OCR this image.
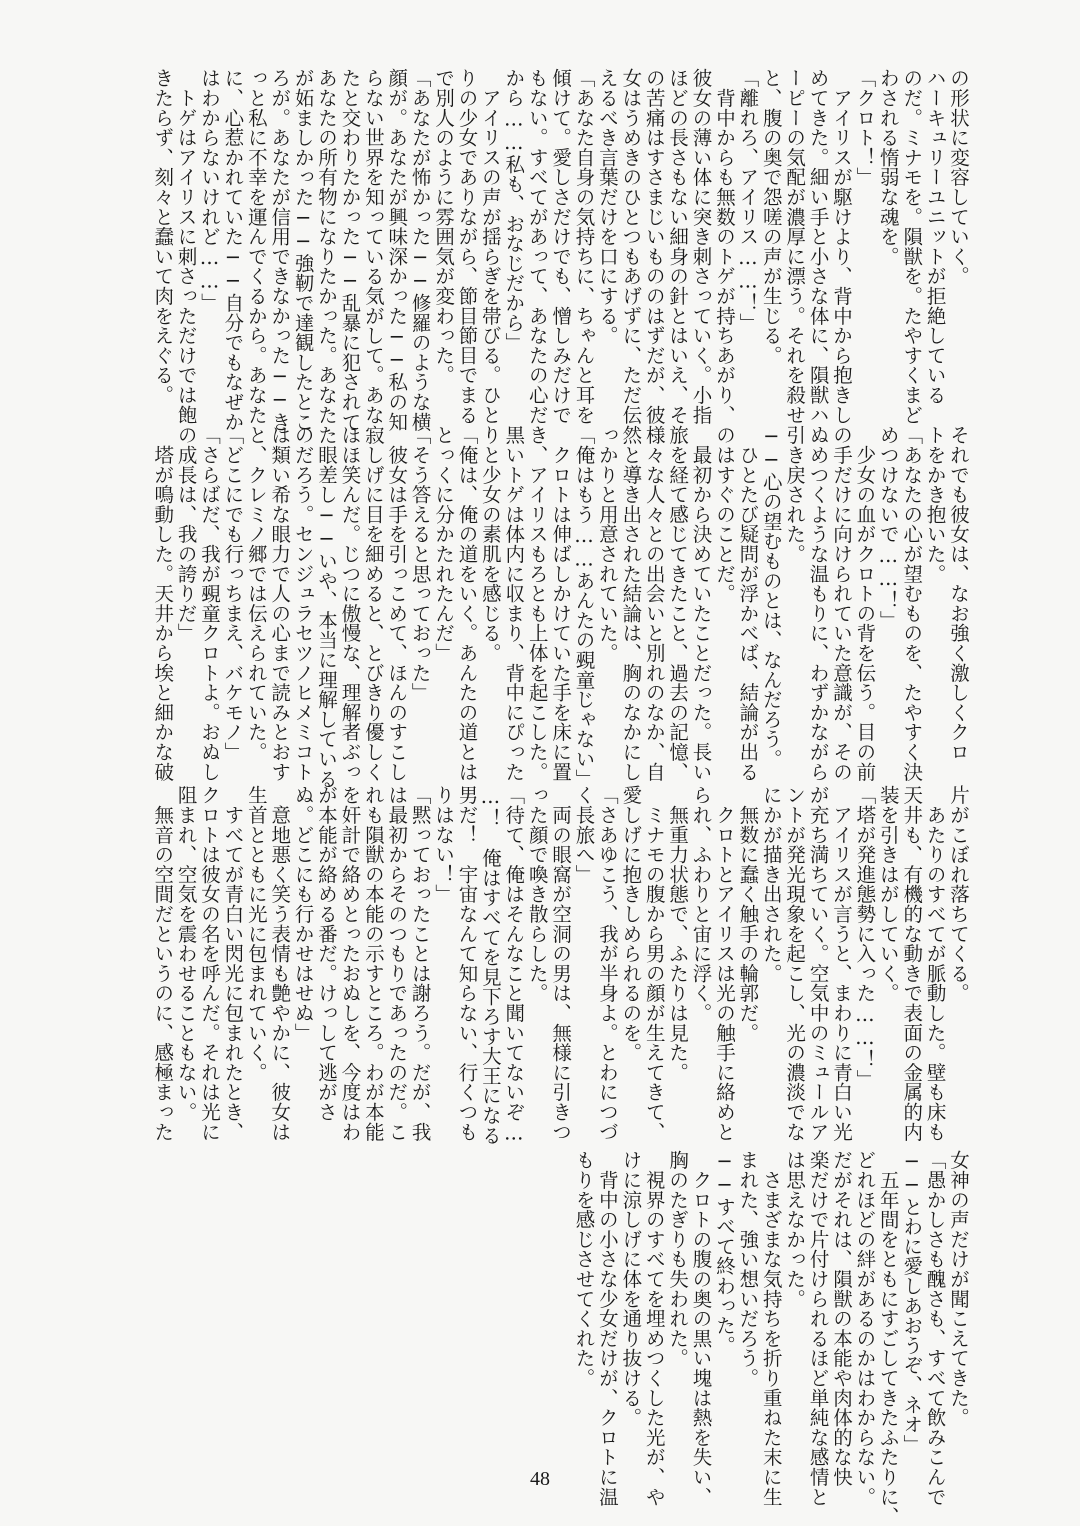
の形状に変容していく。
ハーキュリーユニットが拒絶している
のだ。ミナモを。隕獣を。たやすくまど
わされる惰弱な魂を。
「クロト！」
　アイリスが駆けより、背中から抱きし
めてきた。細い手と小さな体に、隕獣ハ
ーピーの気配が濃厚に漂う。それを殺せ
と、腹の奥で怨嗟の声が生じる。
「離れろ、アイリス……！」
　背中からも無数のトゲが持ちあがり、
彼女の薄い体に突き刺さっていく。小指
ほどの長さもない細身の針とはいえ、そ
の苦痛はすさまじいもののはずだが、彼
女はうめきのひとつもあげずに、ただ伝
えるべき言葉だけを口にする。
「あなた自身の気持ちに、ちゃんと耳を
傾けて。愛しさだけでも、憎しみだけで
もない。すべてがあって、あなたの心だ
から……私も、おなじだから」
　アイリスの声が揺らぎを帯びる。ひと
りの少女でありながら、節目節目でまる
で別人のように雰囲気が変わった。
「あなたが怖かった──修羅のような横
顔が。あなたが興味深かった──私の知
らない世界を知っている気がして。あな
たと交わりたかった──乱暴に犯されて
あなたの所有物になりたかった。あなた
が妬ましかった──強靭で達観したとこ
ろが。あなたが信用できなかった──き
っと私に不幸を運んでくるから。あなた
に、心惹かれていた──自分でもなぜか
はわからないけれど……」
　トゲはアイリスに刺さっただけでは飽
きたらず、刻々と蠢いて肉をえぐる。
それでも彼女は、なお強く激しくクロ
トをかき抱いた。
「あなたの心が望むものを、たやすく決
めつけないで……！」
　少女の血がクロトの背を伝う。目の前
の手だけに向けられていた意識が、その
ぬめつくような温もりに、わずかながら
引き戻された。
──心の望むものとは、なんだろう。
　ひとたび疑問が浮かべば、結論が出る
のはすぐのことだ。
　最初から決めていたことだった。長い
旅を経て感じてきたこと、過去の記憶、
様々な人々との出会いと別れのなか、自
然と導き出された結論は、胸のなかにし
っかりと用意されていた。
「俺はもう……あんたの覡童じゃない」
　クロトは伸ばしかけていた手を床に置
き、アイリスもろとも上体を起こした。
黒いトゲは体内に収まり、背中にぴった
りと少女の素肌を感じる。
「俺は、俺の道をいく。あんたの道とは
とっくに分かたれたんだ」
「そう答えると思っておった」
　彼女は手を引っこめて、ほんのすこし
寂しげに目を細めると、とびきり優しく
ほほ笑んだ。じつに傲慢な、理解者ぶっ
た眼差し──いや、本当に理解している
のだろう。センジュラセツノヒメミコト
は類い希な眼力で人の心まで読みとおす
と、クレミノ郷では伝えられていた。
「どこにでも行っちまえ、バケモノ」
「さらばだ、我が覡童クロトよ。おぬし
の成長は、我の誇りだ」
　塔が鳴動した。天井から埃と細かな破
片がこぼれ落ちてくる。
　あたりのすべてが脈動した。壁も床も
天井も、有機的な動きで表面の金属的内
装を引きはがしていく。
「塔が発進態勢に入った……！」
　アイリスが言うと、まわりに青白い光
が充ち満ちていく。空気中のミュールア
ントが発光現象を起こし、光の濃淡でな
にかが描き出された。
　無数に蠢く触手の輪郭だ。
　クロトとアイリスは光の触手に絡めと
られ、ふわりと宙に浮く。
　無重力状態で、ふたりは見た。
　ミナモの腹から男の顔が生えてきて、
愛しげに抱きしめられるのを。
「さあゆこう、我が半身よ。とわにつづ
く長旅へ」
　両の眼窩が空洞の男は、無様に引きつ
った顔で喚き散らした。
「待て、俺はそんなこと聞いてないぞ…
…！　俺はすべてを見下ろす大王になる
男だ！　宇宙なんて知らない、行くつも
りはない！」
「黙っておったことは謝ろう。だが、我
は最初からそのつもりであったのだ。こ
れも隕獣の本能の示すところ。わが本能
を奸計で絡めとったおぬしを、今度はわ
が本能が絡める番だ。けっして逃がさ
ぬ。どこにも行かせはせぬ」
　意地悪く笑う表情も艶やかに、彼女は
生首とともに光に包まれていく。
　すべてが青白い閃光に包まれたとき、
クロトは彼女の名を呼んだ。それは光に
阻まれ、空気を震わせることもない。
　無音の空間だというのに、感極まった
女神の声だけが聞こえてきた。
「愚かしさも醜さも、すべて飲みこんで
──とわに愛しあおうぞ、ネオ」
　五年間をともにすごしてきたふたりに、
どれほどの絆があるのかはわからない。
だがそれは、隕獣の本能や肉体的な快
楽だけで片付けられるほど単純な感情と
は思えなかった。
　さまざまな気持ちを折り重ねた末に生
まれた、強い想いだろう。
──すべて終わった。
　クロトの腹の奥の黒い塊は熱を失い、
胸のたぎりも失われた。
　視界のすべてを埋めつくした光が、や
けに涼しげに体を通り抜ける。
　背中の小さな少女だけが、クロトに温
もりを感じさせてくれた。
48
